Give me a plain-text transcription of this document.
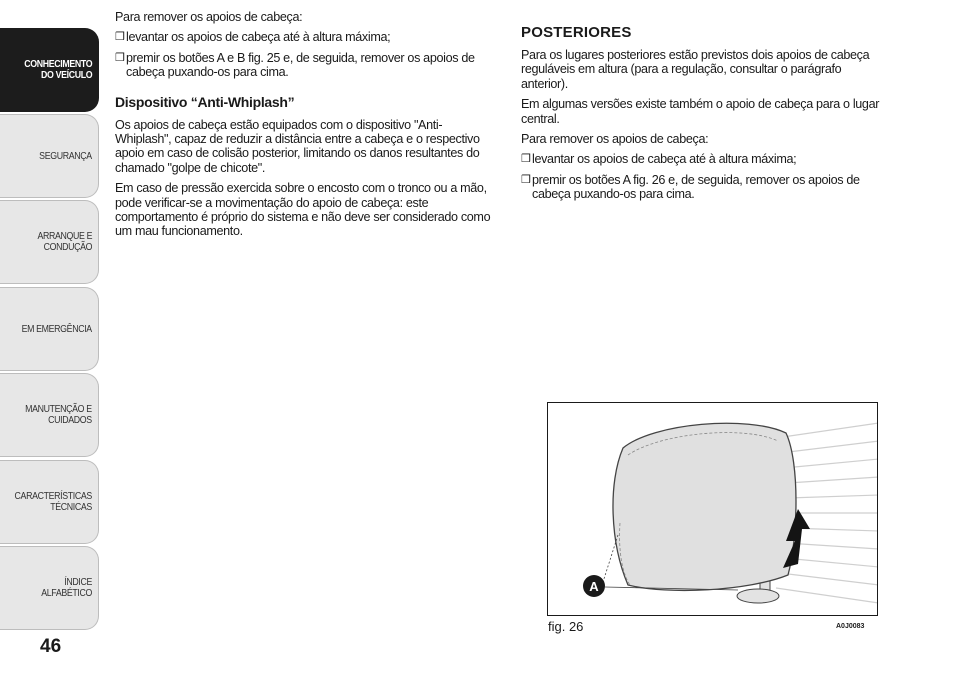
CONHECIMENTO
DO VEÍCULO
SEGURANÇA
ARRANQUE E
CONDUÇÃO
EM EMERGÊNCIA
MANUTENÇÃO E
CUIDADOS
CARACTERÍSTICAS
TÉCNICAS
ÍNDICE ALFABÉTICO
46

Para remover os apoios de cabeça:

❒ levantar os apoios de cabeça até à altura máxima;
❒ premir os botões A e B fig. 25 e, de seguida, remover os apoios de cabeça puxando-os para cima.
Dispositivo “Anti-Whiplash”

Os apoios de cabeça estão equipados com o dispositivo "Anti-Whiplash", capaz de reduzir a distância entre a cabeça e o respectivo apoio em caso de colisão posterior, limitando os danos resultantes do chamado "golpe de chicote".

Em caso de pressão exercida sobre o encosto com o tronco ou a mão, pode verificar-se a movimentação do apoio de cabeça: este comportamento é próprio do sistema e não deve ser considerado como um mau funcionamento.

POSTERIORES

Para os lugares posteriores estão previstos dois apoios de cabeça reguláveis em altura (para a regulação, consultar o parágrafo anterior).

Em algumas versões existe também o apoio de cabeça para o lugar central.

Para remover os apoios de cabeça:

❒ levantar os apoios de cabeça até à altura máxima;
❒ premir os botões A fig. 26 e, de seguida, remover os apoios de cabeça puxando-os para cima.
A
fig. 26	A0J0083
